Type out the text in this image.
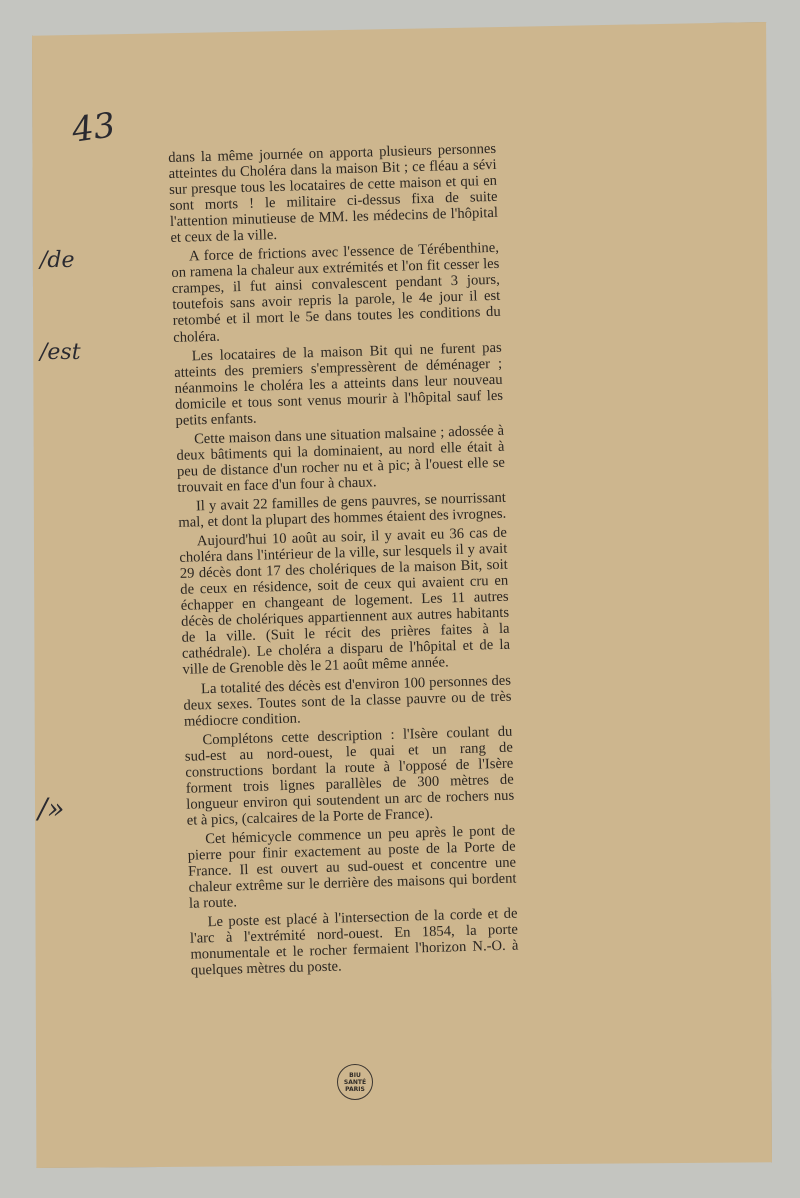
43
/de
/est
/»

dans la même journée on apporta plusieurs personnes atteintes du Choléra dans la maison Bit ; ce fléau a sévi sur presque tous les locataires de cette maison et qui en sont morts ! le militaire ci-dessus fixa de suite l'attention minutieuse de MM. les médecins de l'hôpital et ceux de la ville.

A force de frictions avec l'essence de Térébenthine, on ramena la chaleur aux extrémités et l'on fit cesser les crampes, il fut ainsi convalescent pendant 3 jours, toutefois sans avoir repris la parole, le 4e jour il est retombé et il mort le 5e dans toutes les conditions du choléra.

Les locataires de la maison Bit qui ne furent pas atteints des premiers s'empressèrent de déménager ; néanmoins le choléra les a atteints dans leur nouveau domicile et tous sont venus mourir à l'hôpital sauf les petits enfants.

Cette maison dans une situation malsaine ; adossée à deux bâtiments qui la dominaient, au nord elle était à peu de distance d'un rocher nu et à pic; à l'ouest elle se trouvait en face d'un four à chaux.

Il y avait 22 familles de gens pauvres, se nourrissant mal, et dont la plupart des hommes étaient des ivrognes.

Aujourd'hui 10 août au soir, il y avait eu 36 cas de choléra dans l'intérieur de la ville, sur lesquels il y avait 29 décès dont 17 des cholériques de la maison Bit, soit de ceux en résidence, soit de ceux qui avaient cru en échapper en changeant de logement. Les 11 autres décès de cholériques appartiennent aux autres habitants de la ville. (Suit le récit des prières faites à la cathédrale). Le choléra a disparu de l'hôpital et de la ville de Grenoble dès le 21 août même année.

La totalité des décès est d'environ 100 personnes des deux sexes. Toutes sont de la classe pauvre ou de très médiocre condition.

Complétons cette description : l'Isère coulant du sud-est au nord-ouest, le quai et un rang de constructions bordant la route à l'opposé de l'Isère forment trois lignes parallèles de 300 mètres de longueur environ qui soutendent un arc de rochers nus et à pics, (calcaires de la Porte de France).

Cet hémicycle commence un peu après le pont de pierre pour finir exactement au poste de la Porte de France. Il est ouvert au sud-ouest et concentre une chaleur extrême sur le derrière des maisons qui bordent la route.

Le poste est placé à l'intersection de la corde et de l'arc à l'extrémité nord-ouest. En 1854, la porte monumentale et le rocher fermaient l'horizon N.-O. à quelques mètres du poste.

BIU
SANTÉ
PARIS
